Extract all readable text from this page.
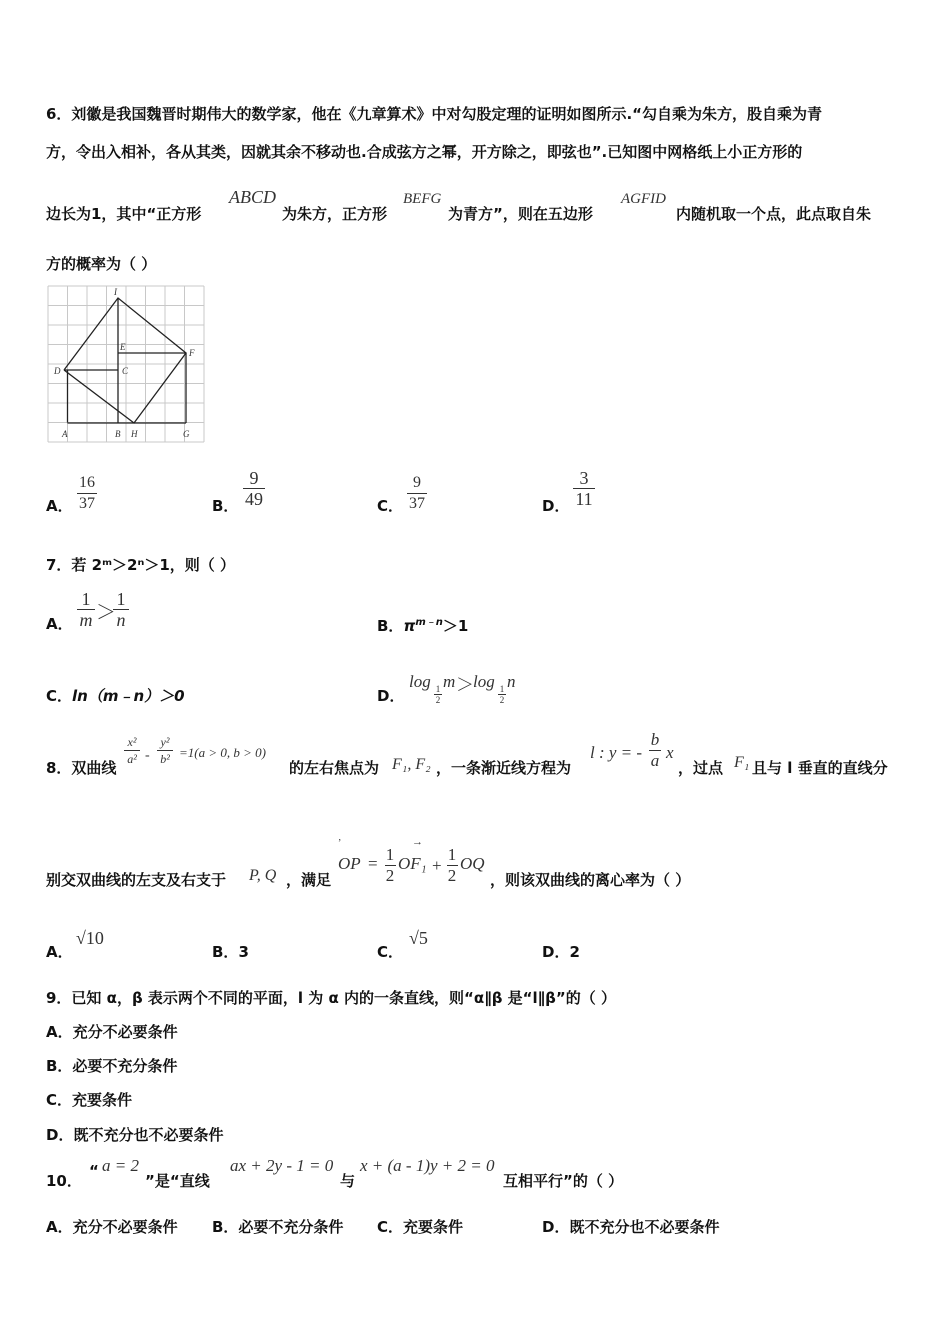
6．刘徽是我国魏晋时期伟大的数学家，他在《九章算术》中对勾股定理的证明如图所示.“勾自乘为朱方，股自乘为青
方，令出入相补，各从其类，因就其余不移动也.合成弦方之幂，开方除之，即弦也”.已知图中网格纸上小正方形的
边长为1，其中“正方形
ABCD
为朱方，正方形
BEFG
为青方”，则在五边形
AGFID
内随机取一个点，此点取自朱
方的概率为（ ）
I
E
F
D	C
A	B H	G
A．
16
37	B．
9
49	C．
9
37	D．
3
11
7．若 2ᵐ＞2ⁿ＞1，则（ ）
A．
1
m ＞
1
n	B．$\pi^{m﹣n}>1$
C．ln（m﹣n）＞0	D．
log
$\frac{1}{2}$
m ＞ log
$\frac{1}{2}$
n
8．双曲线
x²
a² -
y²
b² =1(a > 0, b > 0)
的左右焦点为 F₁, F₂ ，一条渐近线方程为
l : y = -
b
a x
，过点 F₁ 且与 l 垂直的直线分
别交双曲线的左支及右支于 P, Q ，满足
ʼ
OP = 1
2
→
OF₁ +
1
2
OQ
，则该双曲线的离心率为（ ）
A．
√10
B．3	C．
√5
D．2
9．已知 α，β 表示两个不同的平面，l 为 α 内的一条直线，则“α∥β 是“l∥β”的（ ）
A．充分不必要条件
B．必要不充分条件
C．充要条件
D．既不充分也不必要条件
10．
“ a = 2
”是“直线
ax + 2y - 1 = 0
与
x + (a - 1)y + 2 = 0
互相平行”的（ ）
A．充分不必要条件 B．必要不充分条件 C．充要条件	D．既不充分也不必要条件
